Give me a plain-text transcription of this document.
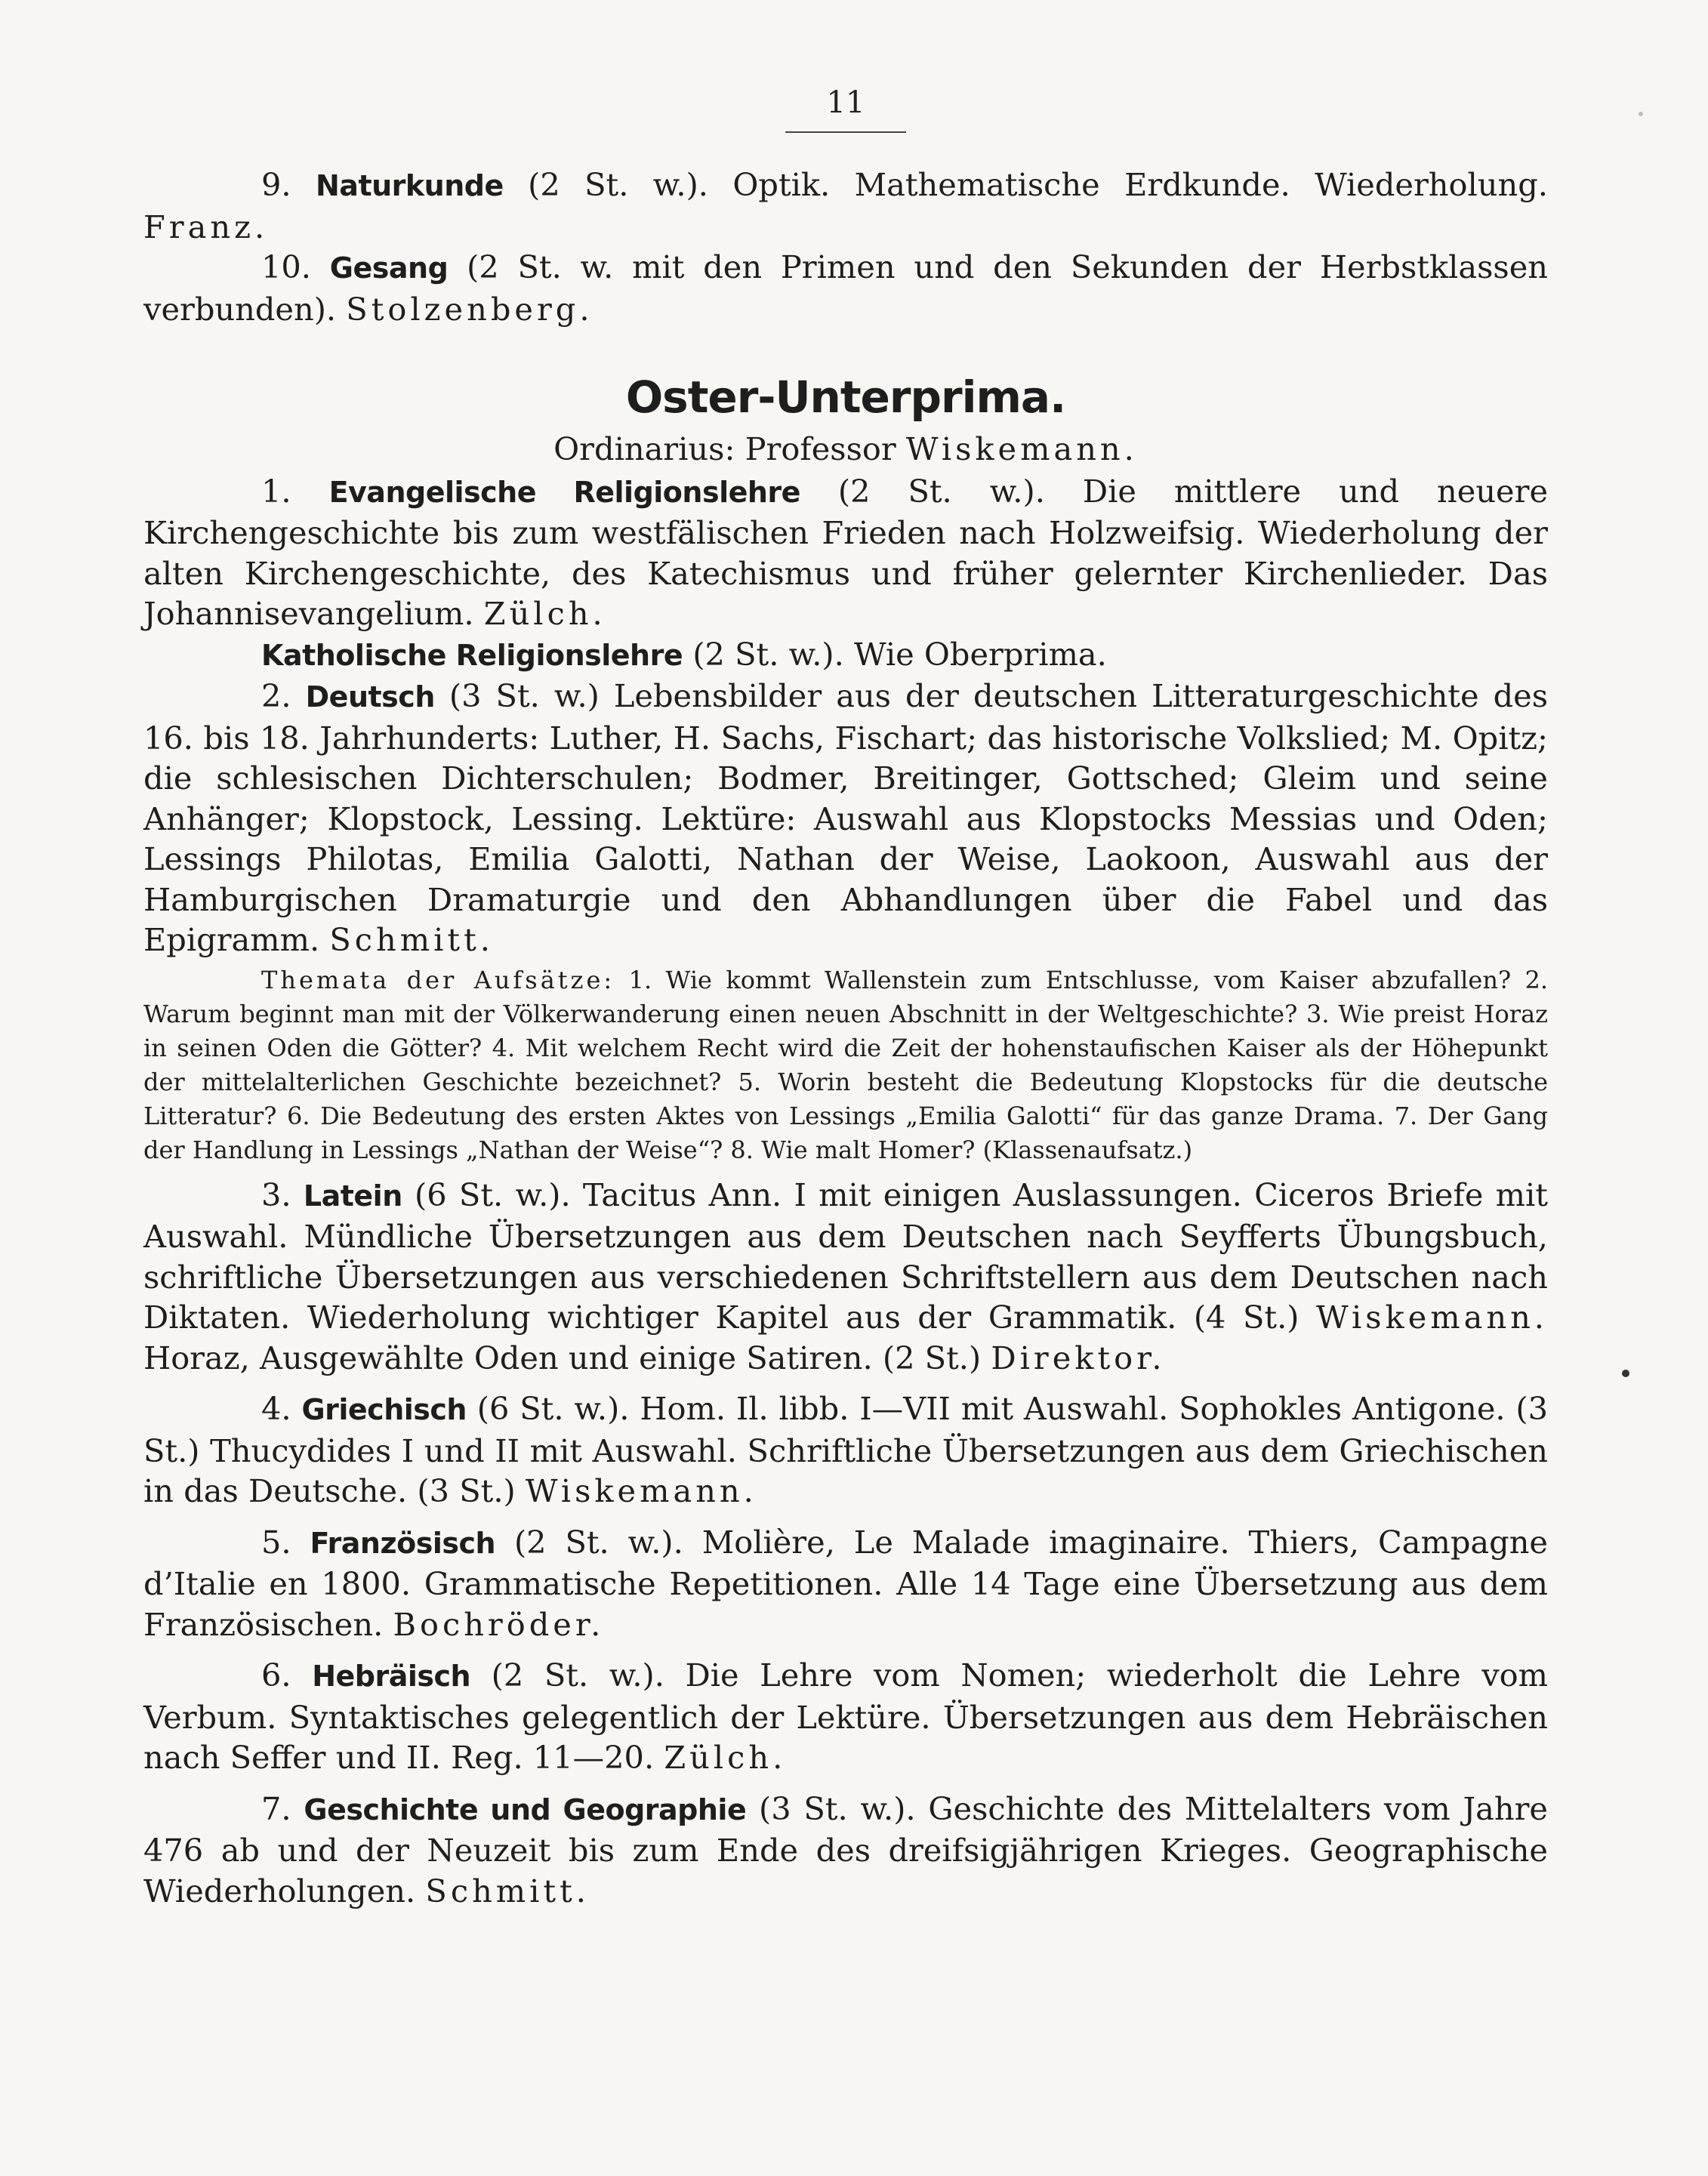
11

9. Naturkunde (2 St. w.). Optik. Mathematische Erdkunde. Wiederholung. Franz.

10. Gesang (2 St. w. mit den Primen und den Sekunden der Herbstklassen verbunden). Stolzenberg.

Oster-Unterprima.

Ordinarius: Professor Wiskemann.

1. Evangelische Religionslehre (2 St. w.). Die mittlere und neuere Kirchengeschichte bis zum westfälischen Frieden nach Holzweifsig. Wiederholung der alten Kirchengeschichte, des Katechismus und früher gelernter Kirchenlieder. Das Johannisevangelium. Zülch.

Katholische Religionslehre (2 St. w.). Wie Oberprima.

2. Deutsch (3 St. w.) Lebensbilder aus der deutschen Litteraturgeschichte des 16. bis 18. Jahrhunderts: Luther, H. Sachs, Fischart; das historische Volkslied; M. Opitz; die schlesischen Dichterschulen; Bodmer, Breitinger, Gottsched; Gleim und seine Anhänger; Klopstock, Lessing. Lektüre: Auswahl aus Klopstocks Messias und Oden; Lessings Philotas, Emilia Galotti, Nathan der Weise, Laokoon, Auswahl aus der Hamburgischen Dramaturgie und den Abhandlungen über die Fabel und das Epigramm. Schmitt.

Themata der Aufsätze: 1. Wie kommt Wallenstein zum Entschlusse, vom Kaiser abzufallen? 2. Warum beginnt man mit der Völkerwanderung einen neuen Abschnitt in der Weltgeschichte? 3. Wie preist Horaz in seinen Oden die Götter? 4. Mit welchem Recht wird die Zeit der hohenstaufischen Kaiser als der Höhepunkt der mittelalterlichen Geschichte bezeichnet? 5. Worin besteht die Bedeutung Klopstocks für die deutsche Litteratur? 6. Die Bedeutung des ersten Aktes von Lessings „Emilia Galotti“ für das ganze Drama. 7. Der Gang der Handlung in Lessings „Nathan der Weise“? 8. Wie malt Homer? (Klassenaufsatz.)

3. Latein (6 St. w.). Tacitus Ann. I mit einigen Auslassungen. Ciceros Briefe mit Auswahl. Mündliche Übersetzungen aus dem Deutschen nach Seyfferts Übungsbuch, schriftliche Übersetzungen aus verschiedenen Schriftstellern aus dem Deutschen nach Diktaten. Wiederholung wichtiger Kapitel aus der Grammatik. (4 St.) Wiskemann. Horaz, Ausgewählte Oden und einige Satiren. (2 St.) Direktor.

4. Griechisch (6 St. w.). Hom. Il. libb. I—VII mit Auswahl. Sophokles Antigone. (3 St.) Thucydides I und II mit Auswahl. Schriftliche Übersetzungen aus dem Griechischen in das Deutsche. (3 St.) Wiskemann.

5. Französisch (2 St. w.). Molière, Le Malade imaginaire. Thiers, Campagne d’Italie en 1800. Grammatische Repetitionen. Alle 14 Tage eine Übersetzung aus dem Französischen. Bochröder.

6. Hebräisch (2 St. w.). Die Lehre vom Nomen; wiederholt die Lehre vom Verbum. Syntaktisches gelegentlich der Lektüre. Übersetzungen aus dem Hebräischen nach Seffer und II. Reg. 11—20. Zülch.

7. Geschichte und Geographie (3 St. w.). Geschichte des Mittelalters vom Jahre 476 ab und der Neuzeit bis zum Ende des dreifsigjährigen Krieges. Geographische Wiederholungen. Schmitt.
